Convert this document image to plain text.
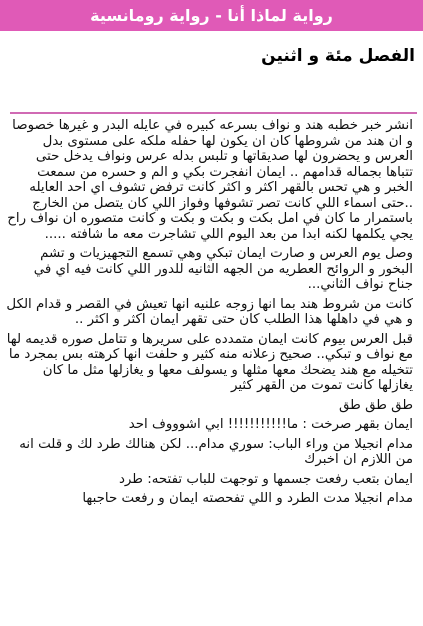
رواية لماذا أنا - رواية رومانسية
الفصل مئة و اثنين

انشر خبر خطبه هند و نواف بسرعه كبيره في عايله البدر و غيرها خصوصا و ان هند من شروطها كان ان يكون لها حفله ملكه على مستوى بدل العرس و يحضرون لها صديقاتها و تلبس بدله عرس ونواف يدخل حتى تتباها بجماله قدامهم .. ايمان انفجرت بكي و الم و حسره من سمعت الخبر و هي تحس بالقهر اكثر و اكثر كانت ترفض تشوف اي احد العايله ..حتى اسماء اللي كانت تصر تشوفها وفواز اللي كان يتصل من الخارج باستمرار ما كان في امل بكت و بكت و بكت و كانت متصوره ان نواف راح يجي يكلمها لكنه ابدا من بعد اليوم اللي تشاجرت معه ما شافته .....

وصل يوم العرس و صارت ايمان تبكي وهي تسمع التجهيزيات و تشم البخور و الروائح العطريه من الجهه الثانيه للدور اللي كانت فيه اي في جناح نواف الثاني...

كانت من شروط هند بما انها زوجه علنيه انها تعيش في القصر و قدام الكل و هي في داهلها هذا الطلب كان حتى تقهر ايمان اكثر و اكثر ..

قبل العرس بيوم كانت ايمان متمدده على سريرها و تتامل صوره قديمه لها مع نواف و تبكي.. صحيح زعلانه منه كثير و حلفت انها كرهته بس بمجرد ما تتخيله مع هند يضحك معها مثلها و يسولف معها و يغازلها مثل ما كان يغازلها كانت تموت من القهر كثير

طق طق طق

ايمان بقهر صرخت : ما!!!!!!!!!!! ابي اشوووف احد

مدام انجيلا من وراء الباب: سوري مدام... لكن هنالك طرد لك و قلت انه من اللازم ان اخبرك

ايمان بتعب رفعت جسمها و توجهت للباب تفتحه: طرد

مدام انجيلا مدت الطرد و اللي تفحصته ايمان و رفعت حاجبها
